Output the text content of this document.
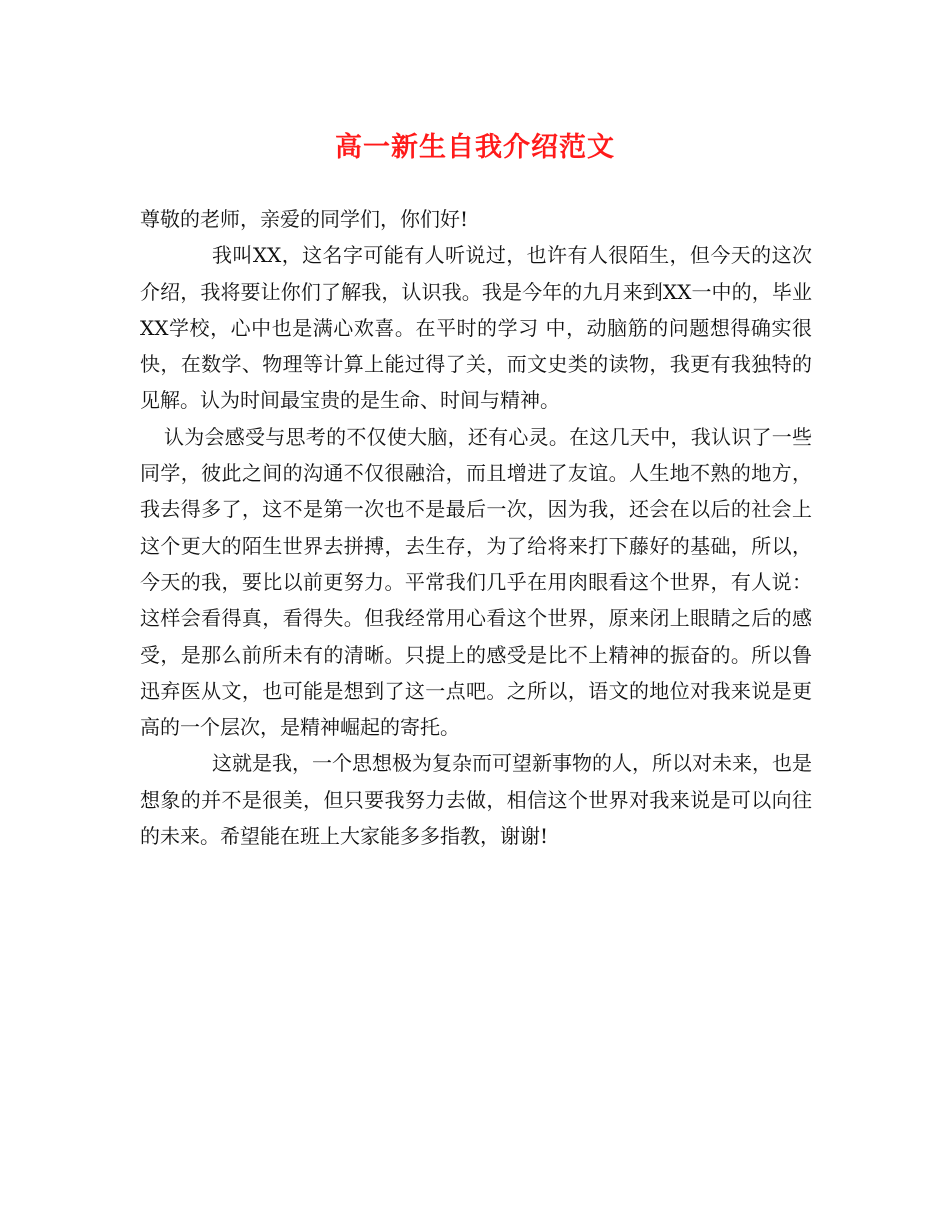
高一新生自我介绍范文

尊敬的老师，亲爱的同学们，你们好!

我叫XX，这名字可能有人听说过，也许有人很陌生，但今天的这次介绍，我将要让你们了解我，认识我。我是今年的九月来到XX一中的，毕业XX学校，心中也是满心欢喜。在平时的学习 中，动脑筋的问题想得确实很快，在数学、物理等计算上能过得了关，而文史类的读物，我更有我独特的见解。认为时间最宝贵的是生命、时间与精神。

认为会感受与思考的不仅使大脑，还有心灵。在这几天中，我认识了一些同学，彼此之间的沟通不仅很融洽，而且增进了友谊。人生地不熟的地方，我去得多了，这不是第一次也不是最后一次，因为我，还会在以后的社会上这个更大的陌生世界去拼搏，去生存，为了给将来打下藤好的基础，所以，今天的我，要比以前更努力。平常我们几乎在用肉眼看这个世界，有人说：这样会看得真，看得失。但我经常用心看这个世界，原来闭上眼睛之后的感受，是那么前所未有的清晰。只提上的感受是比不上精神的振奋的。所以鲁迅弃医从文，也可能是想到了这一点吧。之所以，语文的地位对我来说是更高的一个层次，是精神崛起的寄托。

这就是我，一个思想极为复杂而可望新事物的人，所以对未来，也是想象的并不是很美，但只要我努力去做，相信这个世界对我来说是可以向往的未来。希望能在班上大家能多多指教，谢谢!
